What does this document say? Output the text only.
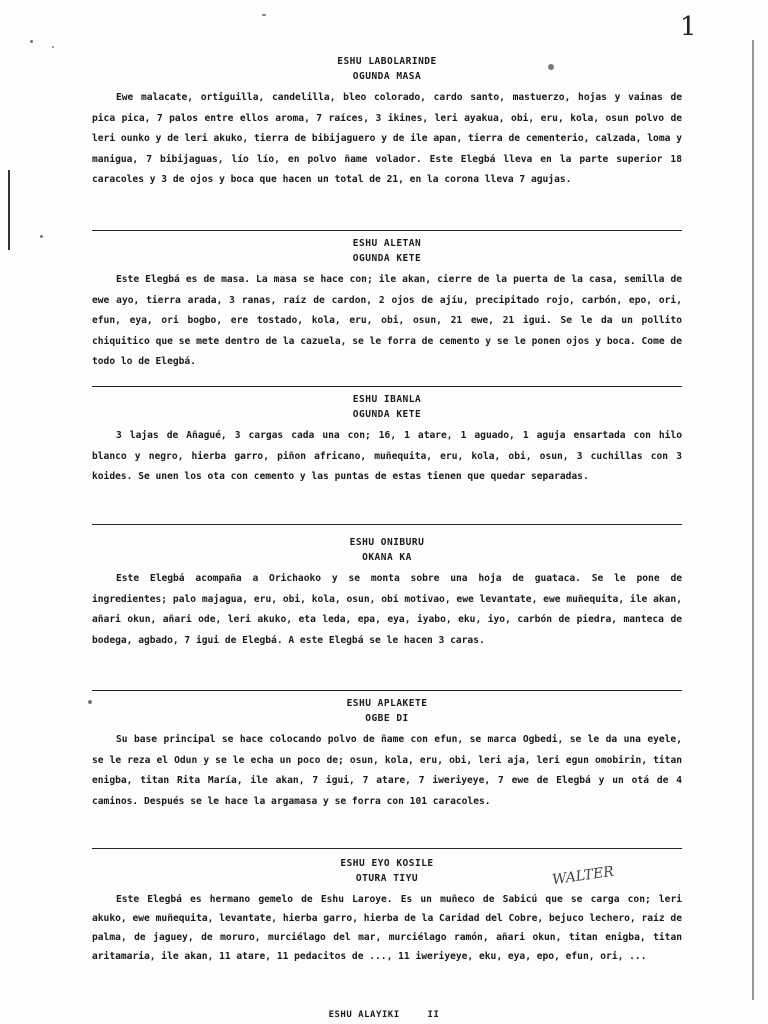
1
ESHU LABOLARINDE
OGUNDA MASA
Ewe malacate, ortiguilla, candelilla, bleo colorado, cardo santo, mastuerzo, hojas y vainas de pica pica, 7 palos entre ellos aroma, 7 raíces, 3 ikines, leri ayakua, obi, eru, kola, osun polvo de leri ounko y de leri akuko, tierra de bibijaguero y de ile apan, tierra de cementerio, calzada, loma y manigua, 7 bibijaguas, lío lío, en polvo ñame volador. Este Elegbá lleva en la parte superior 18 caracoles y 3 de ojos y boca que hacen un total de 21, en la corona lleva 7 agujas.
ESHU ALETAN
OGUNDA KETE
Este Elegbá es de masa. La masa se hace con; ile akan, cierre de la puerta de la casa, semilla de ewe ayo, tierra arada, 3 ranas, raíz de cardon, 2 ojos de ajíu, precipitado rojo, carbón, epo, ori, efun, eya, ori bogbo, ere tostado, kola, eru, obi, osun, 21 ewe, 21 igui. Se le da un pollito chiquitico que se mete dentro de la cazuela, se le forra de cemento y se le ponen ojos y boca. Come de todo lo de Elegbá.
ESHU IBANLA
OGUNDA KETE
3 lajas de Añagué, 3 cargas cada una con; 16, 1 atare, 1 aguado, 1 aguja ensartada con hilo blanco y negro, hierba garro, piñon africano, muñequita, eru, kola, obi, osun, 3 cuchillas con 3 koides. Se unen los ota con cemento y las puntas de estas tienen que quedar separadas.
ESHU ONIBURU
OKANA KA
Este Elegbá acompaña a Orichaoko y se monta sobre una hoja de guataca. Se le pone de ingredientes; palo majagua, eru, obi, kola, osun, obí motivao, ewe levantate, ewe muñequita, ile akan, añari okun, añari ode, leri akuko, eta leda, epa, eya, iyabo, eku, iyo, carbón de piedra, manteca de bodega, agbado, 7 igui de Elegbá. A este Elegbá se le hacen 3 caras.
ESHU APLAKETE
OGBE DI
Su base principal se hace colocando polvo de ñame con efun, se marca Ogbedi, se le da una eyele, se le reza el Odun y se le echa un poco de; osun, kola, eru, obi, leri aja, leri egun omobirin, titan enigba, titan Rita María, ile akan, 7 igui, 7 atare, 7 iweriyeye, 7 ewe de Elegbá y un otá de 4 caminos. Después se le hace la argamasa y se forra con 101 caracoles.
ESHU EYO KOSILE
OTURA TIYU
Este Elegbá es hermano gemelo de Eshu Laroye. Es un muñeco de Sabicú que se carga con; leri akuko, ewe muñequita, levantate, hierba garro, hierba de la Caridad del Cobre, bejuco lechero, raíz de palma, de jaguey, de moruro, murciélago del mar, murciélago ramón, añari okun, titan enigba, titan aritamaria, ile akan, 11 atare, 11 pedacitos de ..., 11 iweriyeye, eku, eya, epo, efun, ori, ...
WALTER
ESHU ALAYIKI	II
